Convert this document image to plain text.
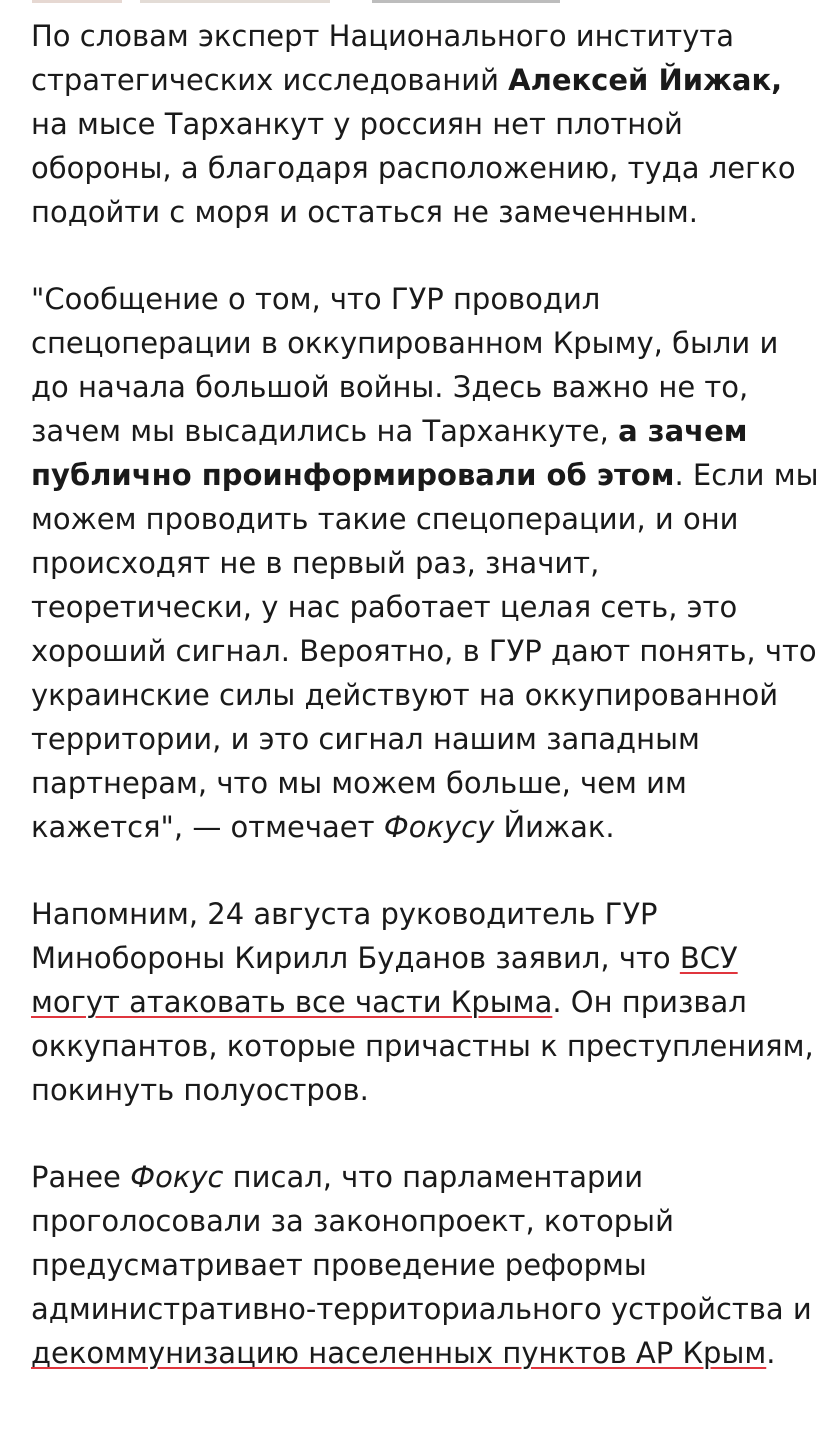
По словам эксперт Национального института стратегических исследований Алексей Йижак, на мысе Тарханкут у россиян нет плотной обороны, а благодаря расположению, туда легко подойти с моря и остаться не замеченным.

"Сообщение о том, что ГУР проводил спецоперации в оккупированном Крыму, были и до начала большой войны. Здесь важно не то, зачем мы высадились на Тарханкуте, а зачем публично проинформировали об этом. Если мы можем проводить такие спецоперации, и они происходят не в первый раз, значит, теоретически, у нас работает целая сеть, это хороший сигнал. Вероятно, в ГУР дают понять, что украинские силы действуют на оккупированной территории, и это сигнал нашим западным партнерам, что мы можем больше, чем им кажется", — отмечает Фокусу Йижак.

Напомним, 24 августа руководитель ГУР Минобороны Кирилл Буданов заявил, что ВСУ могут атаковать все части Крыма. Он призвал оккупантов, которые причастны к преступлениям, покинуть полуостров.

Ранее Фокус писал, что парламентарии проголосовали за законопроект, который предусматривает проведение реформы административно-территориального устройства и декоммунизацию населенных пунктов АР Крым.
